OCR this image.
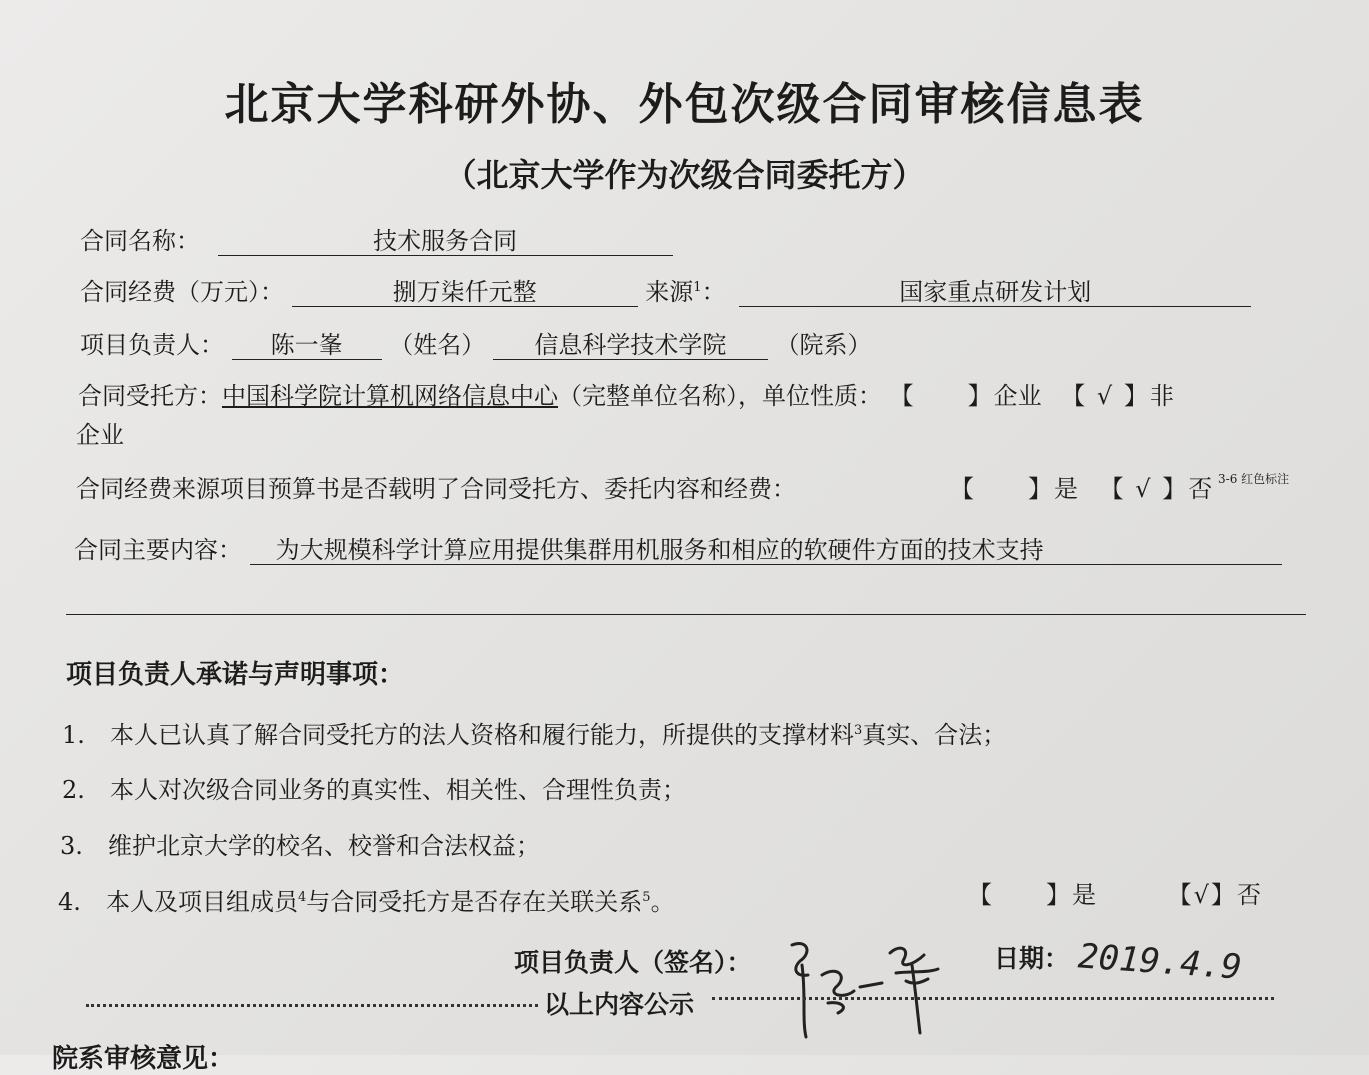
北京大学科研外协、外包次级合同审核信息表
（北京大学作为次级合同委托方）
合同名称：	技术服务合同
合同经费（万元）：	捌万柒仟元整	来源$^1$：	国家重点研发计划
项目负责人： 陈一峯 （姓名） 信息科学技术学院 （院系）
合同受托方：中国科学院计算机网络信息中心（完整单位名称），单位性质： 【　　】企业 【 √ 】非
企业
合同经费来源项目预算书是否载明了合同受托方、委托内容和经费：	【　　】是 【 √ 】否 3-6 红色标注
合同主要内容： 为大规模科学计算应用提供集群用机服务和相应的软硬件方面的技术支持
项目负责人承诺与声明事项：
1. 本人已认真了解合同受托方的法人资格和履行能力，所提供的支撑材料$^3$真实、合法；
2. 本人对次级合同业务的真实性、相关性、合理性负责；
3. 维护北京大学的校名、校誉和合法权益；
4. 本人及项目组成员$^4$与合同受托方是否存在关联关系$^5$。	【　　】是	【√】否
项目负责人（签名）：	日期： 2019.4.9
以上内容公示
院系审核意见：
